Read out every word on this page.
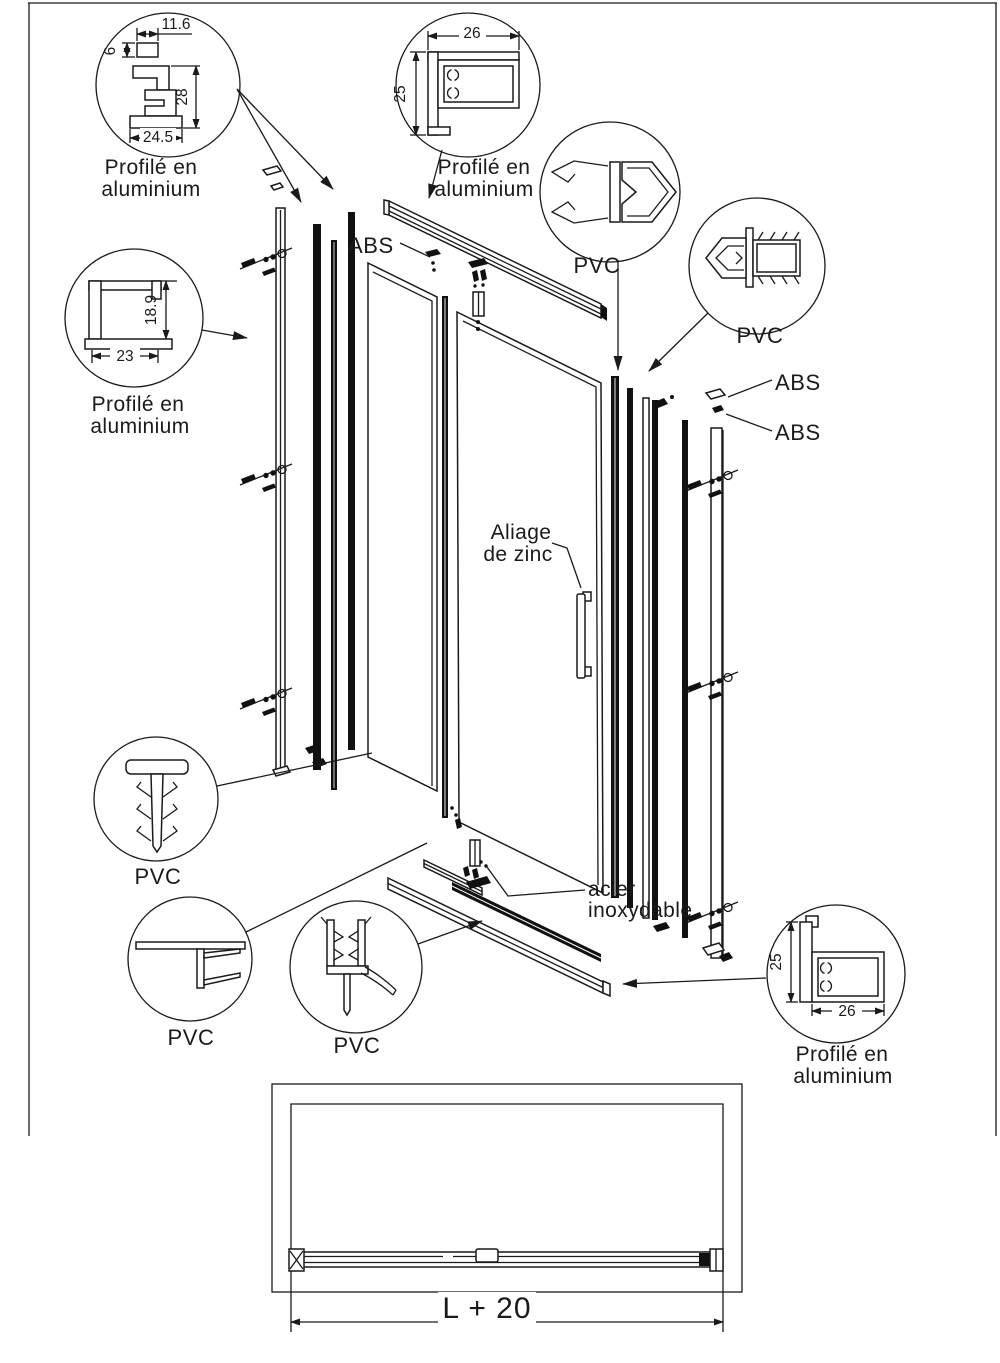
11.6
6
28
24.5
Profilé en
aluminium
26
25
Profilé en
aluminium
PVC
PVC
18.9
23
Profilé en
aluminium
PVC
PVC	PVC
25
26
Profilé en
aluminium
ABS
ABS
ABS
Aliage
de zinc
acier
inoxydable
L + 20
